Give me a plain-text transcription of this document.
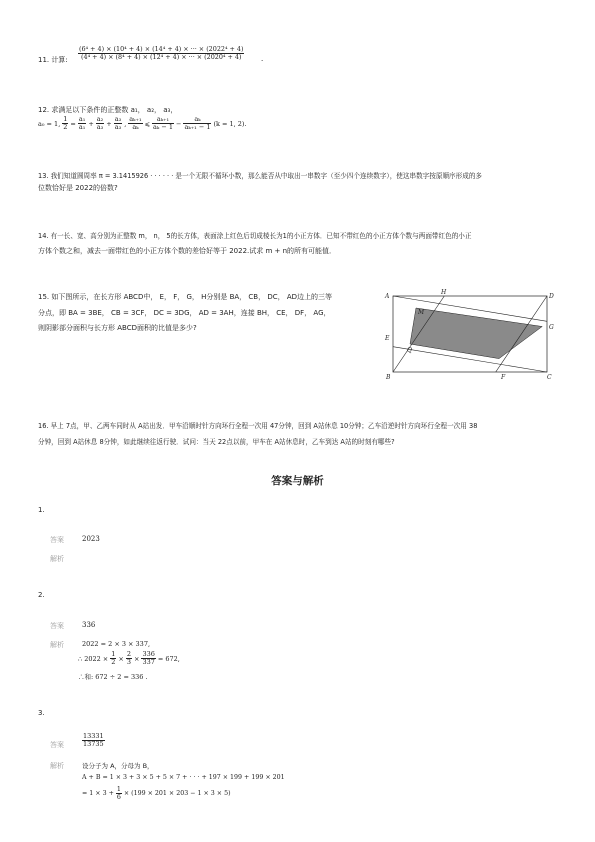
11. 计算: $\frac{\text{(6⁴ + 4) × (10⁴ + 4) × (14⁴ + 4) × ··· × (2022⁴ + 4)}}{\text{(4⁴ + 4) × (8⁴ + 4) × (12⁴ + 4) × ··· × (2020⁴ + 4)}}$ .
12. 求满足以下条件的正整数 a₁， a₂， a₃，
a₀ = 1, $\frac{1}{2} = \frac{\text{a₁}}{\text{a₁}} + \frac{\text{a₂}}{\text{a₃}} + \frac{\text{a₃}}{\text{a₃}}$ , $\frac{\text{aₖ₊₁}}{\text{aₖ}}$ ⩽ $\frac{\text{aₖ₊₁}}{\text{aₖ − 1}} - \frac{\text{aₖ}}{\text{aₖ₊₁ − 1}} (k = 1$, 2).
13. 我们知道圆周率 π = 3.1415926 · · · · · · 是一个无限不循环小数，那么能否从中取出一串数字（至少四个连续数字），使这串数字按原顺序形成的多
位数恰好是 2022的倍数?
14. 有一长、宽、高分别为正整数 m， n， 5的长方体，表面涂上红色后切成棱长为1的小正方体．已知不带红色的小正方体个数与两面带红色的小正
方体个数之和，减去一面带红色的小正方体个数的差恰好等于 2022.试求 m + n的所有可能值．
15. 如下图所示，在长方形 ABCD中， E， F， G， H分别是 BA， CB， DC， AD边上的三等
分点，即 BA = 3BE， CB = 3CF， DC = 3DG， AD = 3AH，连接 BH， CE， DF， AG，
则阴影部分面积与长方形 ABCD面积的比值是多少?
A	D
H
M
G
E
Q
B	F	C
16. 早上 7点，甲、乙两车同时从 A站出发．甲车沿顺时针方向环行全程一次用 47分钟，回到 A站休息 10分钟；乙车沿逆时针方向环行全程一次用 38
分钟，回到 A站休息 8分钟，如此继续往返行驶．试问：当天 22点以前，甲车在 A站休息时，乙车到达 A站的时刻有哪些?
答案与解析
1.
答案	2023
解析
2.
答案	336
解析	2022 = 2 × 3 × 337,
∴ $2022 \times \frac{1}{2} \times \frac{2}{3} \times \frac{336}{337} = 672$,
∴和: 672 ÷ 2 = 336 .
3.
答案	$\frac{13331}{13735}$
解析	设分子为 A，分母为 B，
A + B = 1 × 3 + 3 × 5 + 5 × 7 + · · · + 197 × 199 + 199 × 201
= $1 \times 3 + \frac{1}{6} \times (199 \times 201 \times 203 - 1 \times 3 \times 5)$
